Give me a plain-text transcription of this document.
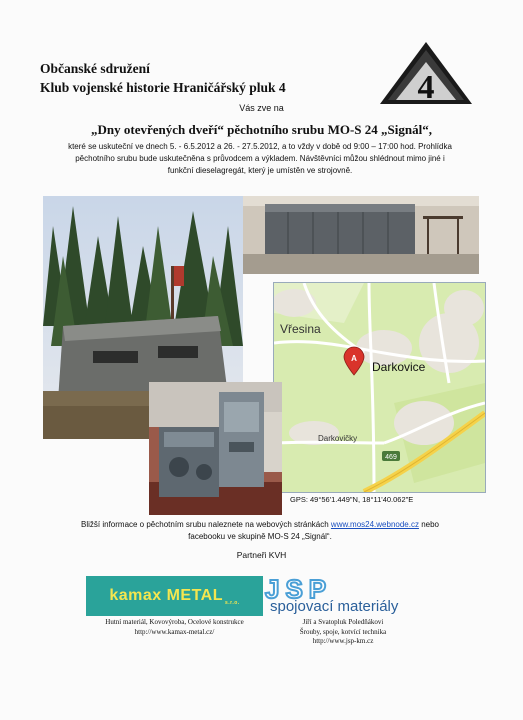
Občanské sdružení
Klub vojenské historie Hraničářský pluk 4	4
Vás zve na
„Dny otevřených dveří“ pěchotního srubu MO-S 24 „Signál“,
které se uskuteční ve dnech 5. - 6.5.2012 a 26. - 27.5.2012, a to vždy v době od 9:00 – 17:00 hod. Prohlídka
pěchotního srubu bude uskutečněna s průvodcem a výkladem. Návštěvníci můžou shlédnout mimo jiné i
funkční dieselagregát, který je umístěn ve strojovně.
469
Vřesina
Darkovice
Darkovičky
A
GPS: 49°56'1.449"N, 18°11'40.062"E
Bližší informace o pěchotním srubu naleznete na webových stránkách www.mos24.webnode.cz nebo
facebooku ve skupině MO-S 24 „Signál“.
Partneři KVH
kamax METAL s.r.o.
Hutní materiál, Kovovýroba, Ocelové konstrukce
http://www.kamax-metal.cz/
JSP
spojovací materiály
Jiří a Svatopluk Poledňákovi
Šrouby, spoje, kotvící technika
http://www.jsp-km.cz
